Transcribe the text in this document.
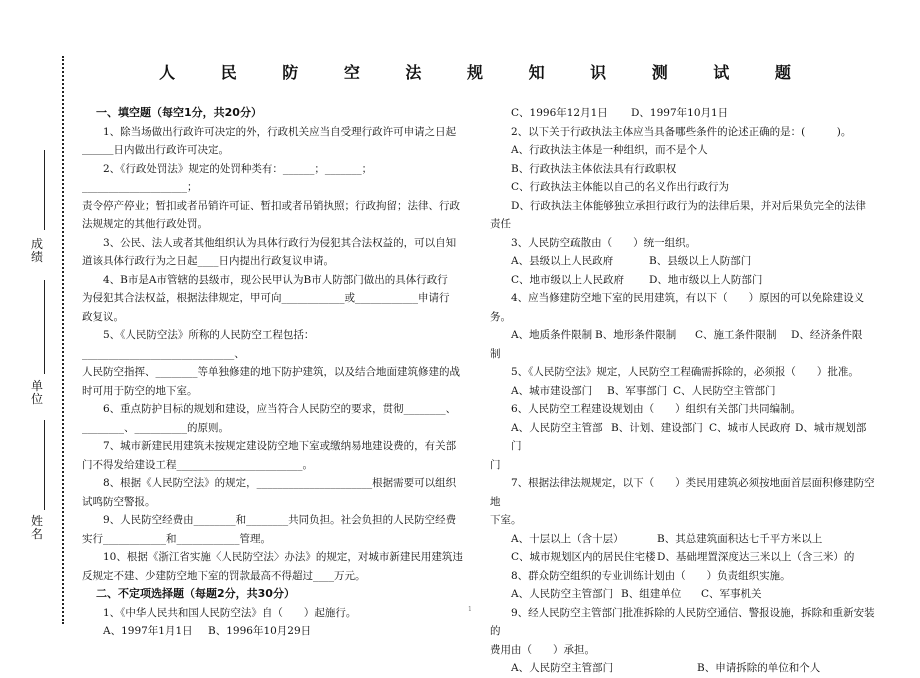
成绩
单位
姓名
人 民 防 空 法 规 知 识 测 试 题

一、填空题（每空1分，共20分）

1、除当场做出行政许可决定的外，行政机关应当自受理行政许可申请之日起

＿＿＿日内做出行政许可决定。

2、《行政处罚法》规定的处罚种类有：______；_______；____________________；

责令停产停业；暂扣或者吊销许可证、暂扣或者吊销执照；行政拘留；法律、行政

法规规定的其他行政处罚。

3、公民、法人或者其他组织认为具体行政行为侵犯其合法权益的，可以自知

道该具体行政行为之日起____日内提出行政复议申请。

4、B市是A市管辖的县级市，现公民甲认为B市人防部门做出的具体行政行

为侵犯其合法权益，根据法律规定，甲可向____________或____________申请行

政复议。

5、《人民防空法》所称的人民防空工程包括：_____________________________、

人民防空指挥、________等单独修建的地下防护建筑，以及结合地面建筑修建的战

时可用于防空的地下室。

6、重点防护目标的规划和建设，应当符合人民防空的要求，贯彻________、

________、__________的原则。

7、城市新建民用建筑未按规定建设防空地下室或缴纳易地建设费的，有关部

门不得发给建设工程________________________。

8、根据《人民防空法》的规定，______________________根据需要可以组织

试鸣防空警报。

9、人民防空经费由________和________共同负担。社会负担的人民防空经费

实行____________和____________管理。

10、根据《浙江省实施〈人民防空法〉办法》的规定，对城市新建民用建筑违

反规定不建、少建防空地下室的罚款最高不得超过____万元。

二、不定项选择题（每题2分，共30分）

1、《中华人民共和国人民防空法》自（　　）起施行。

A、1997年1月1日	B、1996年10月29日
C、1996年12月1日	D、1997年10月1日

2、以下关于行政执法主体应当具备哪些条件的论述正确的是：(　　　)。

A、行政执法主体是一种组织，而不是个人

B、行政执法主体依法具有行政职权

C、行政执法主体能以自己的名义作出行政行为

D、行政执法主体能够独立承担行政行为的法律后果，并对后果负完全的法律

责任

3、人民防空疏散由（　　）统一组织。

A、县级以上人民政府	B、县级以上人防部门
C、地市级以上人民政府	D、地市级以上人防部门

4、应当修建防空地下室的民用建筑，有以下（　　）原因的可以免除建设义

务。

A、地质条件限制 B、地形条件限制	C、施工条件限制	D、经济条件限

制

5、《人民防空法》规定，人民防空工程确需拆除的，必须报（　　）批准。

A、城市建设部门	B、军事部门 C、人民防空主管部门

6、人民防空工程建设规划由（　　）组织有关部门共同编制。

A、人民防空主管部门
B、计划、建设部门 C、城市人民政府 D、城市规划部

门

7、根据法律法规规定，以下（　　）类民用建筑必须按地面首层面积修建防空地

下室。

A、十层以上（含十层）	B、其总建筑面积达七千平方米以上
C、城市规划区内的居民住宅楼 D、基础埋置深度达三米以上（含三米）的

8、群众防空组织的专业训练计划由（　　）负责组织实施。

A、人民防空主管部门 B、组建单位	C、军事机关

9、经人民防空主管部门批准拆除的人民防空通信、警报设施，拆除和重新安装的

费用由（　　）承担。

A、人民防空主管部门	B、申请拆除的单位和个人
1
